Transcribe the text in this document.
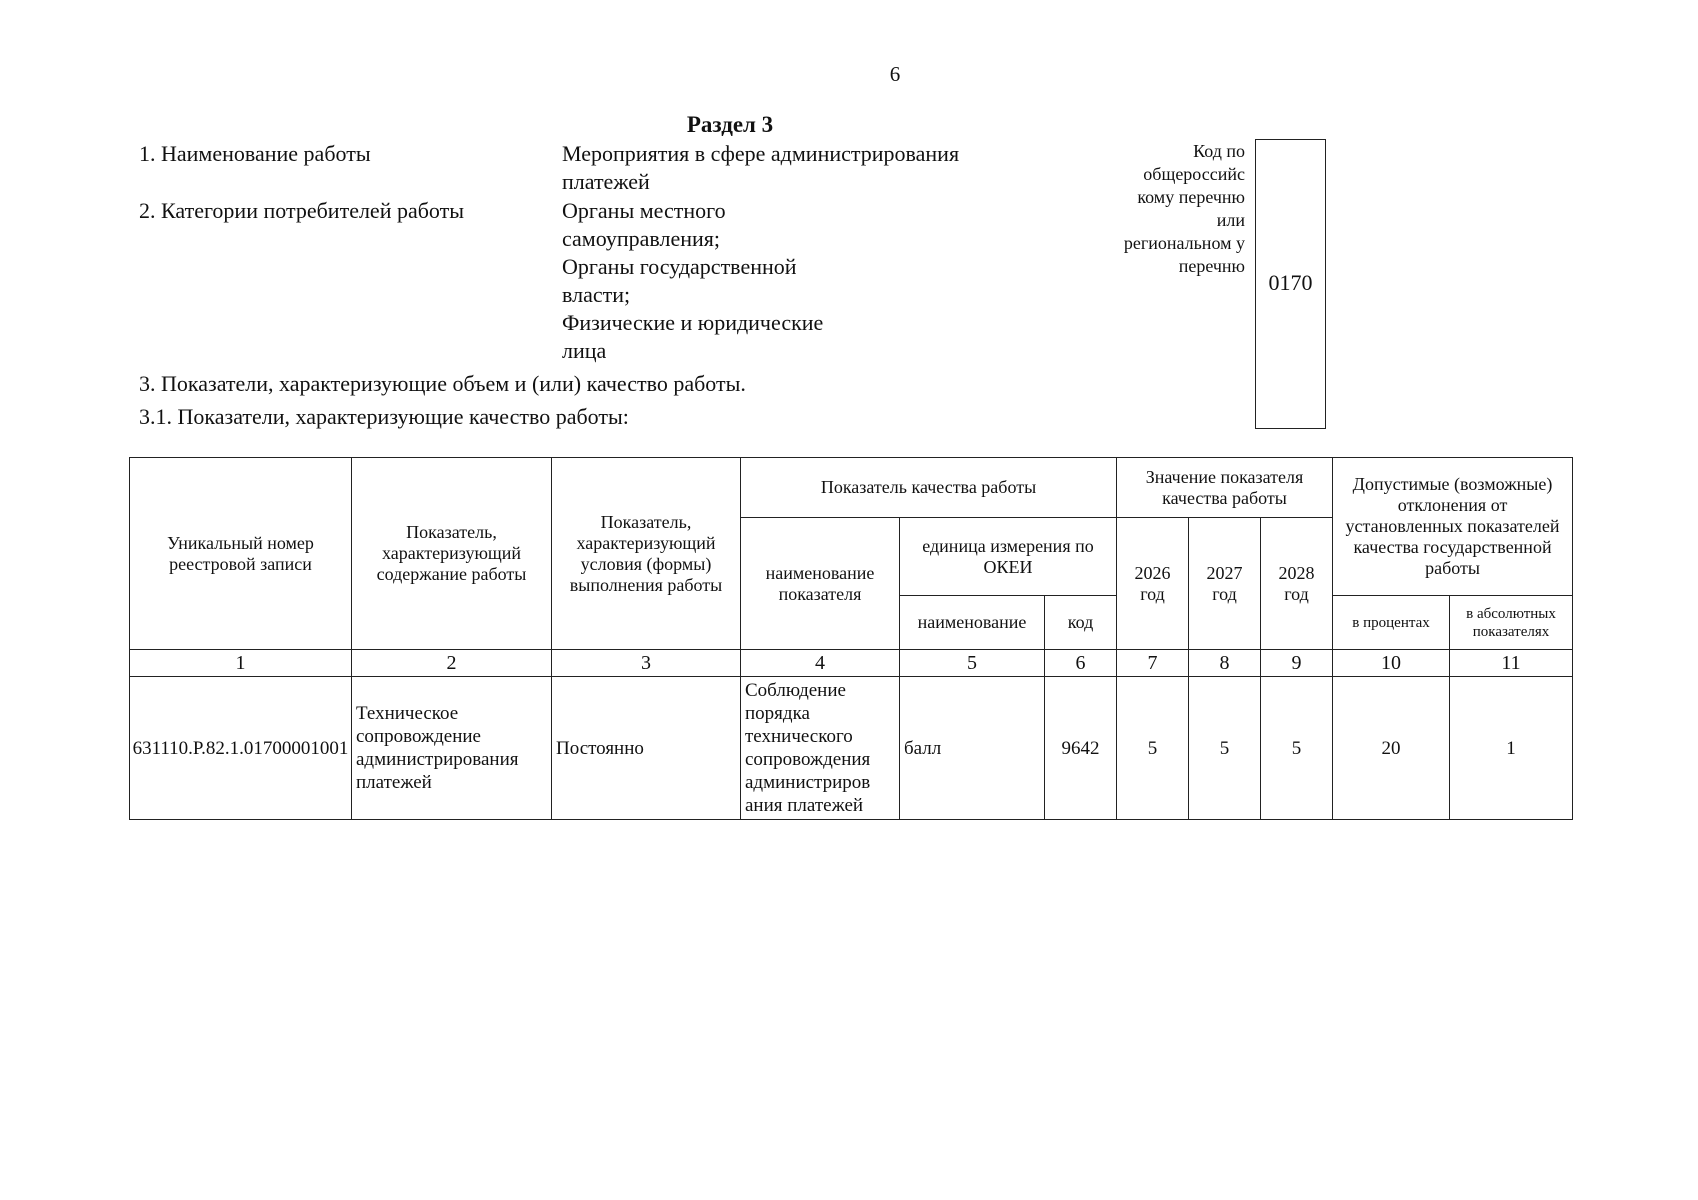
6
Раздел 3
1. Наименование работы	Мероприятия в сфере администрирования платежей
2. Категории потребителей работы	Органы местного
самоуправления;
Органы государственной
власти;
Физические и юридические
лица
Код по общероссийс кому перечню или региональном у перечню
0170
3. Показатели, характеризующие объем и (или) качество работы.
3.1. Показатели, характеризующие качество работы:
Уникальный номер реестровой записи	Показатель, характеризующий содержание работы	Показатель, характеризующий условия (формы) выполнения работы	Показатель качества работы			Значение показателя качества работы			Допустимые (возможные) отклонения от установленных показателей качества государственной работы	
			наименование показателя	единица измерения по ОКЕИ		2026 год	2027 год	2028 год		
				наименование	код				в процентах	в абсолютных показателях
1	2	3	4	5	6	7	8	9	10	11
631110.Р.82.1.01700001001	Техническое сопровождение администрирования платежей	Постоянно	Соблюдение порядка технического сопровождения администриров ания платежей	балл	9642	5	5	5	20	1
